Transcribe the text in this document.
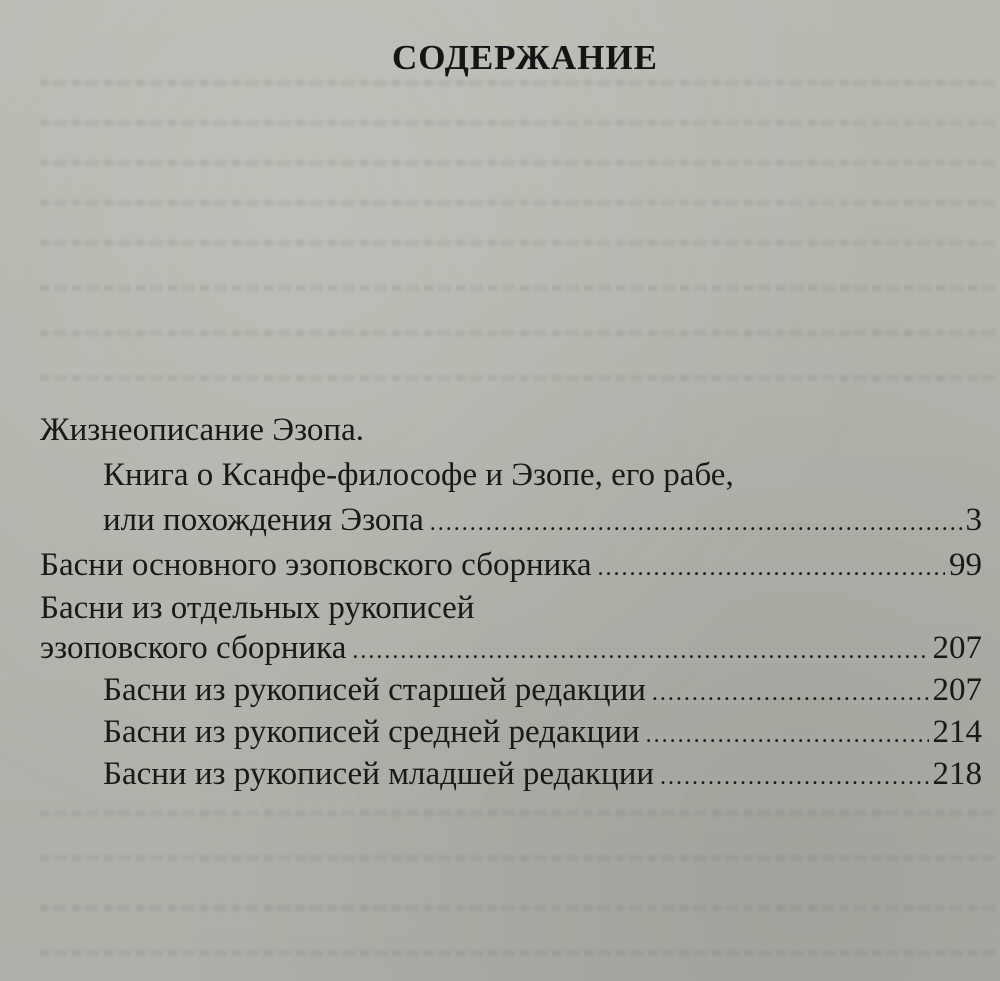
СОДЕРЖАНИЕ
Жизнеописание Эзопа.
Книга о Ксанфе-философе и Эзопе, его рабе,
или похождения Эзопа .....	3
Басни основного эзоповского сборника .....	99
Басни из отдельных рукописей
эзоповского сборника .....	207
Басни из рукописей старшей редакции .....	207
Басни из рукописей средней редакции .....	214
Басни из рукописей младшей редакции .....	218
